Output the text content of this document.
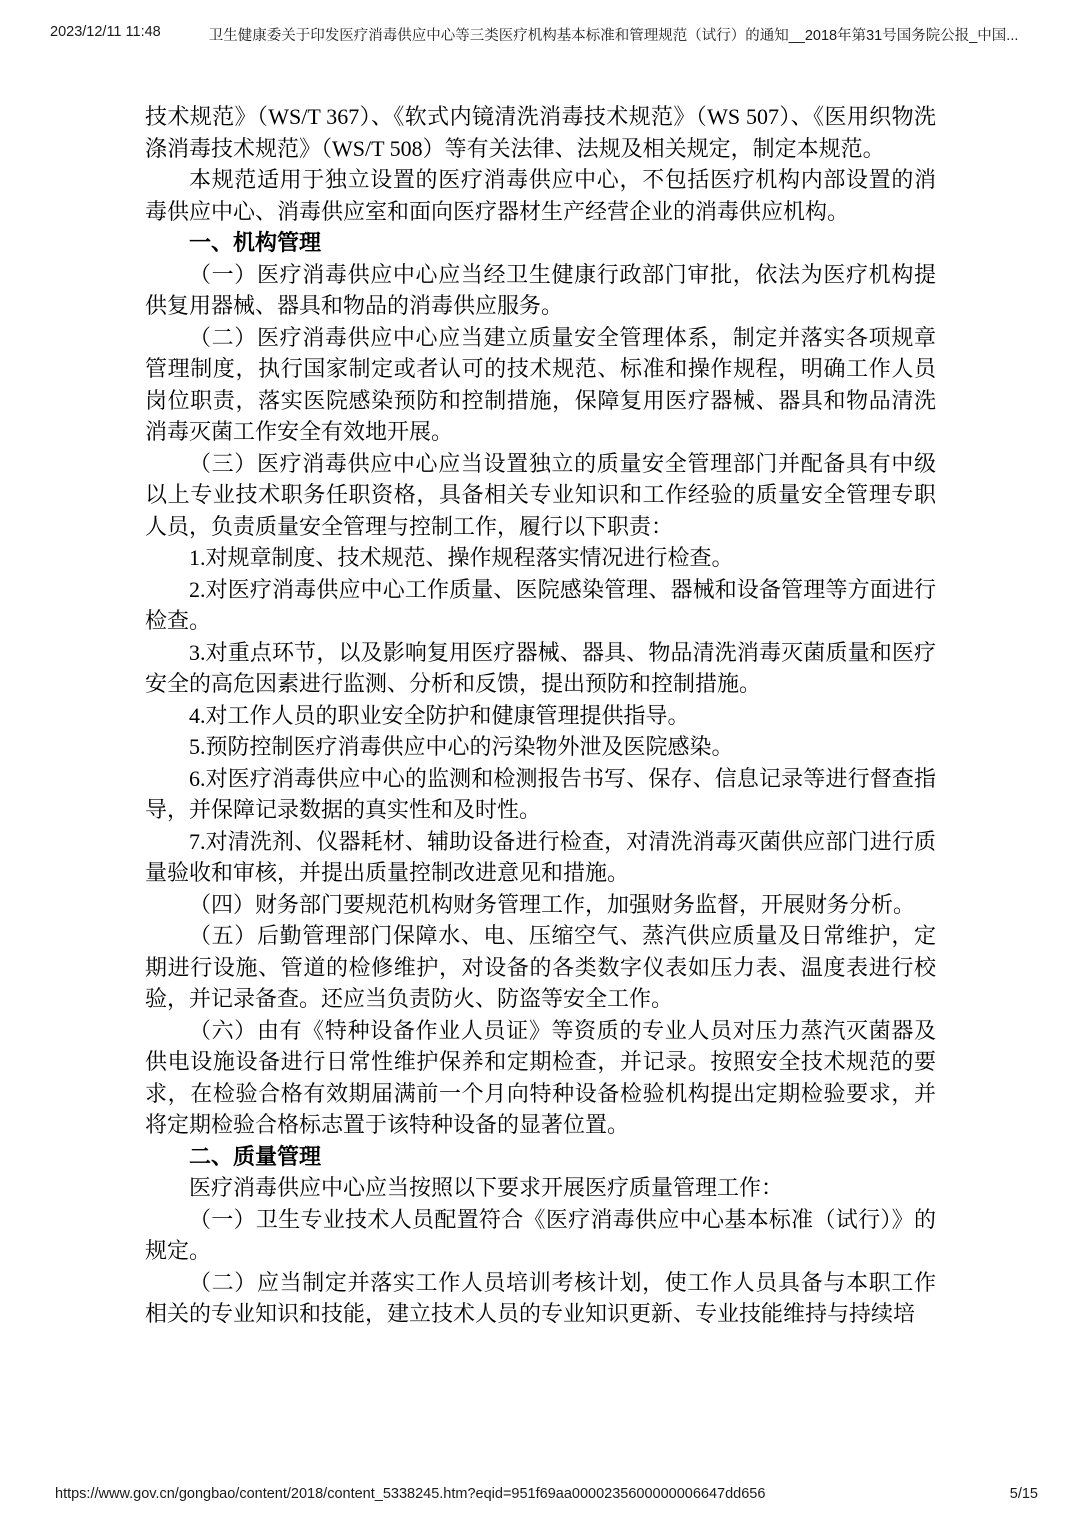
2023/12/11 11:48	卫生健康委关于印发医疗消毒供应中心等三类医疗机构基本标准和管理规范（试行）的通知__2018年第31号国务院公报_中国...

技术规范》（WS/T 367）、《软式内镜清洗消毒技术规范》（WS 507）、《医用织物洗涤消毒技术规范》（WS/T 508）等有关法律、法规及相关规定，制定本规范。

本规范适用于独立设置的医疗消毒供应中心，不包括医疗机构内部设置的消毒供应中心、消毒供应室和面向医疗器材生产经营企业的消毒供应机构。

一、机构管理

（一）医疗消毒供应中心应当经卫生健康行政部门审批，依法为医疗机构提供复用器械、器具和物品的消毒供应服务。

（二）医疗消毒供应中心应当建立质量安全管理体系，制定并落实各项规章管理制度，执行国家制定或者认可的技术规范、标准和操作规程，明确工作人员岗位职责，落实医院感染预防和控制措施，保障复用医疗器械、器具和物品清洗消毒灭菌工作安全有效地开展。

（三）医疗消毒供应中心应当设置独立的质量安全管理部门并配备具有中级以上专业技术职务任职资格，具备相关专业知识和工作经验的质量安全管理专职人员，负责质量安全管理与控制工作，履行以下职责：

1.对规章制度、技术规范、操作规程落实情况进行检查。

2.对医疗消毒供应中心工作质量、医院感染管理、器械和设备管理等方面进行检查。

3.对重点环节，以及影响复用医疗器械、器具、物品清洗消毒灭菌质量和医疗安全的高危因素进行监测、分析和反馈，提出预防和控制措施。

4.对工作人员的职业安全防护和健康管理提供指导。

5.预防控制医疗消毒供应中心的污染物外泄及医院感染。

6.对医疗消毒供应中心的监测和检测报告书写、保存、信息记录等进行督查指导，并保障记录数据的真实性和及时性。

7.对清洗剂、仪器耗材、辅助设备进行检查，对清洗消毒灭菌供应部门进行质量验收和审核，并提出质量控制改进意见和措施。

（四）财务部门要规范机构财务管理工作，加强财务监督，开展财务分析。

（五）后勤管理部门保障水、电、压缩空气、蒸汽供应质量及日常维护，定期进行设施、管道的检修维护，对设备的各类数字仪表如压力表、温度表进行校验，并记录备查。还应当负责防火、防盗等安全工作。

（六）由有《特种设备作业人员证》等资质的专业人员对压力蒸汽灭菌器及供电设施设备进行日常性维护保养和定期检查，并记录。按照安全技术规范的要求，在检验合格有效期届满前一个月向特种设备检验机构提出定期检验要求，并将定期检验合格标志置于该特种设备的显著位置。

二、质量管理

医疗消毒供应中心应当按照以下要求开展医疗质量管理工作：

（一）卫生专业技术人员配置符合《医疗消毒供应中心基本标准（试行）》的规定。

（二）应当制定并落实工作人员培训考核计划，使工作人员具备与本职工作相关的专业知识和技能，建立技术人员的专业知识更新、专业技能维持与持续培

https://www.gov.cn/gongbao/content/2018/content_5338245.htm?eqid=951f69aa0000235600000006647dd656	5/15
